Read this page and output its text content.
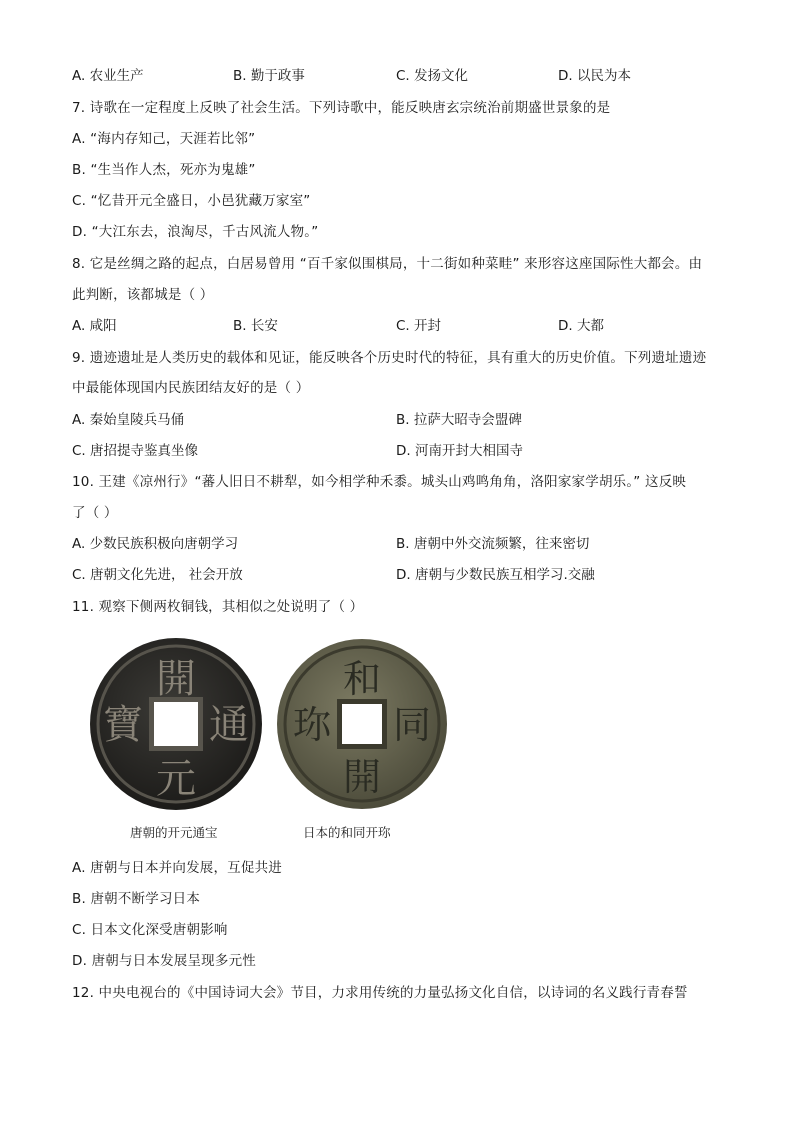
A. 农业生产	B. 勤于政事	C. 发扬文化	D. 以民为本
7. 诗歌在一定程度上反映了社会生活。下列诗歌中，能反映唐玄宗统治前期盛世景象的是
A. “海内存知己，天涯若比邻”
B. “生当作人杰，死亦为鬼雄”
C. “忆昔开元全盛日，小邑犹藏万家室”
D. “大江东去，浪淘尽，千古风流人物。”
8. 它是丝绸之路的起点，白居易曾用 “百千家似围棋局，十二街如种菜畦” 来形容这座国际性大都会。由
此判断，该都城是（ ）
A. 咸阳	B. 长安	C. 开封	D. 大都
9. 遗迹遗址是人类历史的载体和见证，能反映各个历史时代的特征，具有重大的历史价值。下列遗址遗迹
中最能体现国内民族团结友好的是（ ）
A. 秦始皇陵兵马俑	B. 拉萨大昭寺会盟碑
C. 唐招提寺鉴真坐像	D. 河南开封大相国寺
10. 王建《凉州行》“蕃人旧日不耕犁，如今相学种禾黍。城头山鸡鸣角角，洛阳家家学胡乐。” 这反映
了（ ）
A. 少数民族积极向唐朝学习	B. 唐朝中外交流频繁，往来密切
C. 唐朝文化先进， 社会开放	D. 唐朝与少数民族互相学习.交融
11. 观察下侧两枚铜钱，其相似之处说明了（ ）
開
通
元
寶
和
同
開
珎
唐朝的开元通宝	日本的和同开珎
A. 唐朝与日本并向发展，互促共进
B. 唐朝不断学习日本
C. 日本文化深受唐朝影响
D. 唐朝与日本发展呈现多元性
12. 中央电视台的《中国诗词大会》节目，力求用传统的力量弘扬文化自信，以诗词的名义践行青春誓
